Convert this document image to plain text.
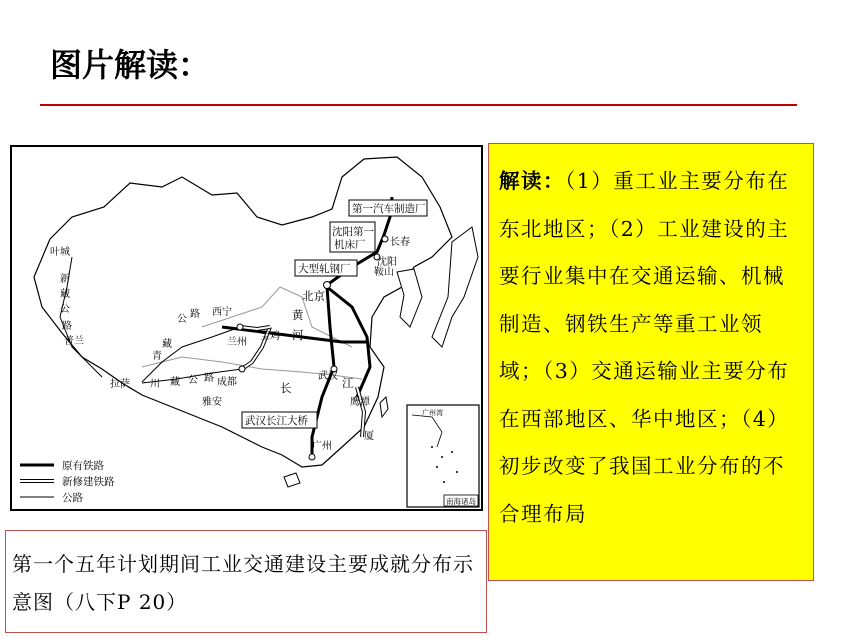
图片解读：
北京
长春
沈阳
鞍山
西宁
兰州
宝鸡
成都
雅安
拉萨
武汉
广州
鹰潭
厦
叶城
新
藏
公
路
普兰
青
藏
公 路
川 藏 公 路
黄
河
长	江
第一汽车制造厂
沈阳第一
机床厂
大型轧钢厂
武汉长江大桥
原有铁路
新修建铁路
公路
广州湾
南海诸岛
第一个五年计划期间工业交通建设主要成就分布示意图（八下P 20）
解读：（1）重工业主要分布在东北地区；（2）工业建设的主要行业集中在交通运输、机械制造、钢铁生产等重工业领域；（3）交通运输业主要分布在西部地区、华中地区；（4）初步改变了我国工业分布的不合理布局
